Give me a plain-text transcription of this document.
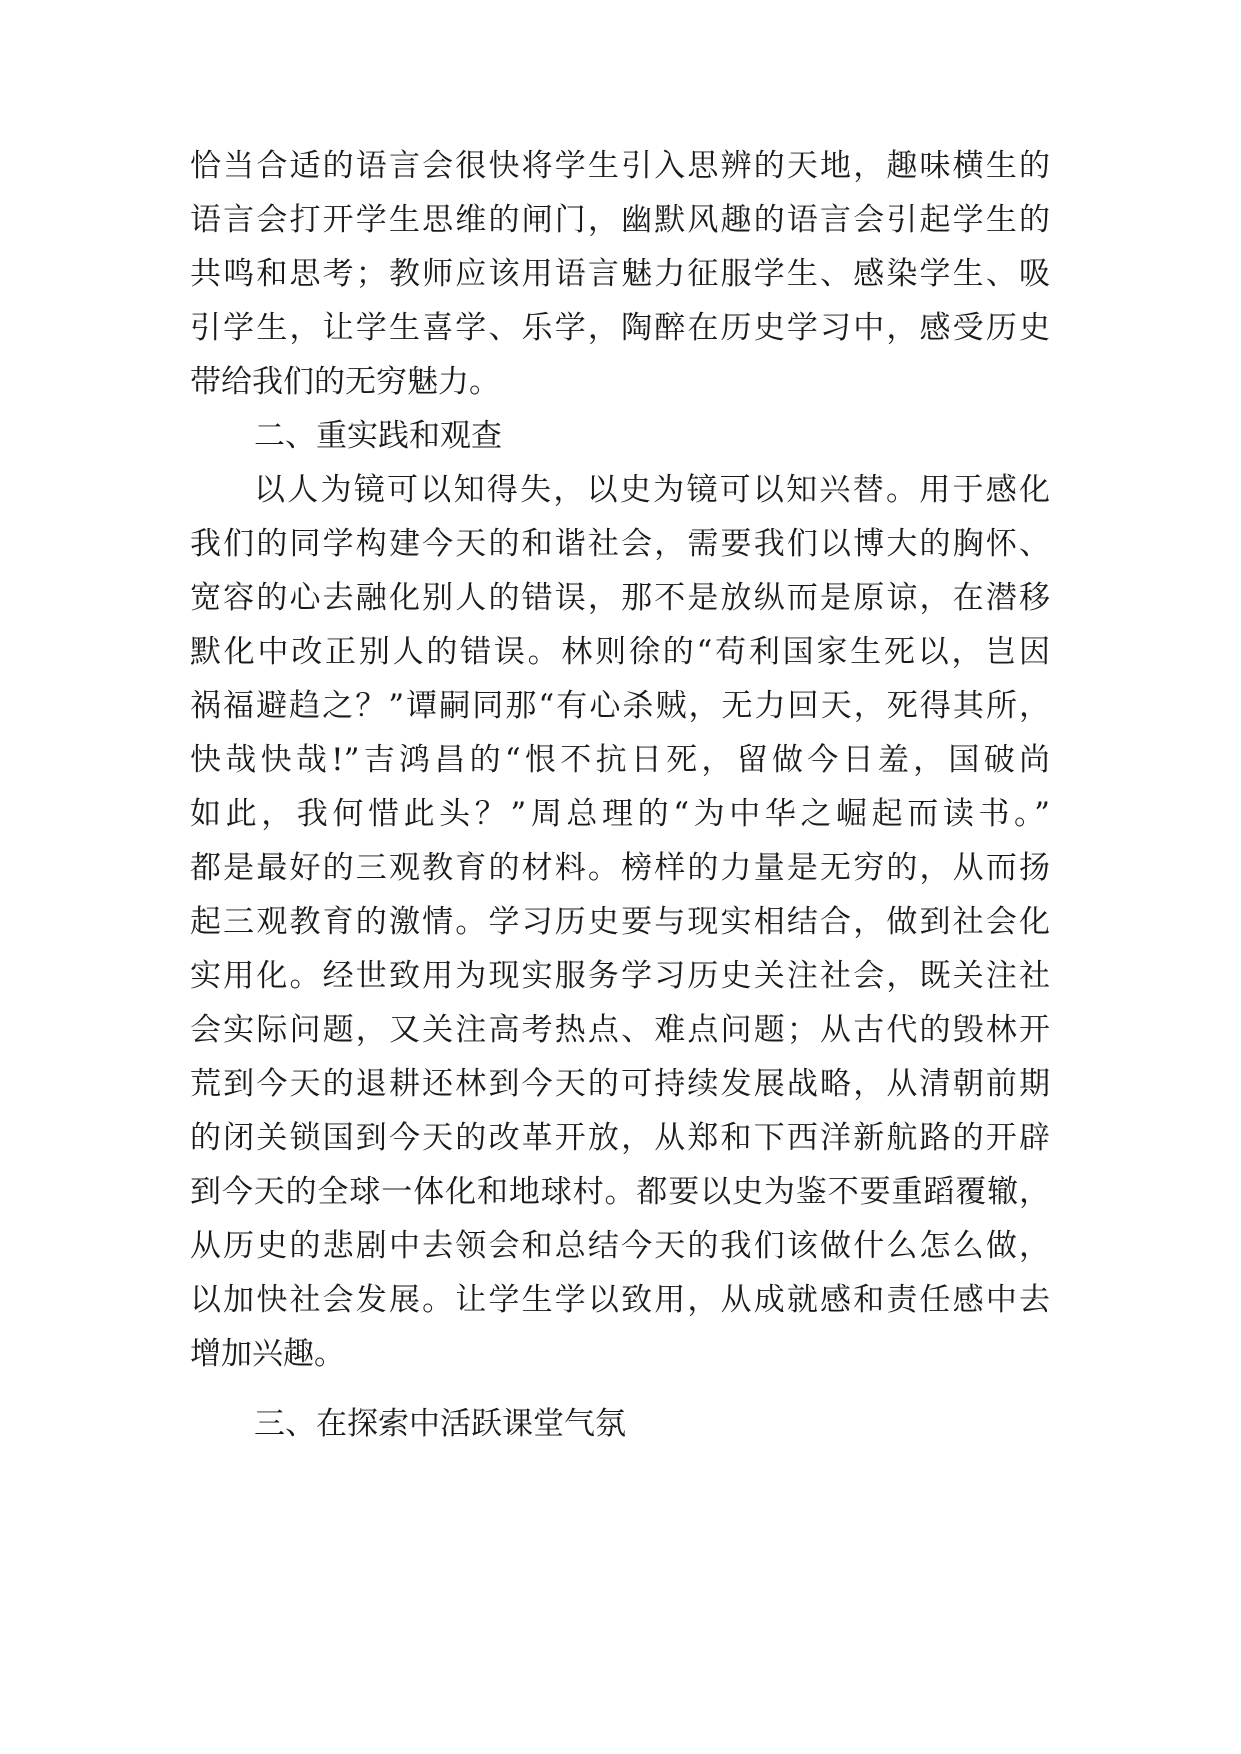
恰当合适的语言会很快将学生引入思辨的天地，趣味横生的
语言会打开学生思维的闸门，幽默风趣的语言会引起学生的
共鸣和思考；教师应该用语言魅力征服学生、感染学生、吸
引学生，让学生喜学、乐学，陶醉在历史学习中，感受历史
带给我们的无穷魅力。
二、重实践和观查
以人为镜可以知得失，以史为镜可以知兴替。用于感化
我们的同学构建今天的和谐社会，需要我们以博大的胸怀、
宽容的心去融化别人的错误，那不是放纵而是原谅，在潜移
默化中改正别人的错误。林则徐的“苟利国家生死以，岂因
祸福避趋之？”谭嗣同那“有心杀贼，无力回天，死得其所，
快哉快哉!”吉鸿昌的“恨不抗日死，留做今日羞，国破尚
如此，我何惜此头？”周总理的“为中华之崛起而读书。”
都是最好的三观教育的材料。榜样的力量是无穷的，从而扬
起三观教育的激情。学习历史要与现实相结合，做到社会化
实用化。经世致用为现实服务学习历史关注社会，既关注社
会实际问题，又关注高考热点、难点问题；从古代的毁林开
荒到今天的退耕还林到今天的可持续发展战略，从清朝前期
的闭关锁国到今天的改革开放，从郑和下西洋新航路的开辟
到今天的全球一体化和地球村。都要以史为鉴不要重蹈覆辙，
从历史的悲剧中去领会和总结今天的我们该做什么怎么做，
以加快社会发展。让学生学以致用，从成就感和责任感中去
增加兴趣。
三、在探索中活跃课堂气氛
